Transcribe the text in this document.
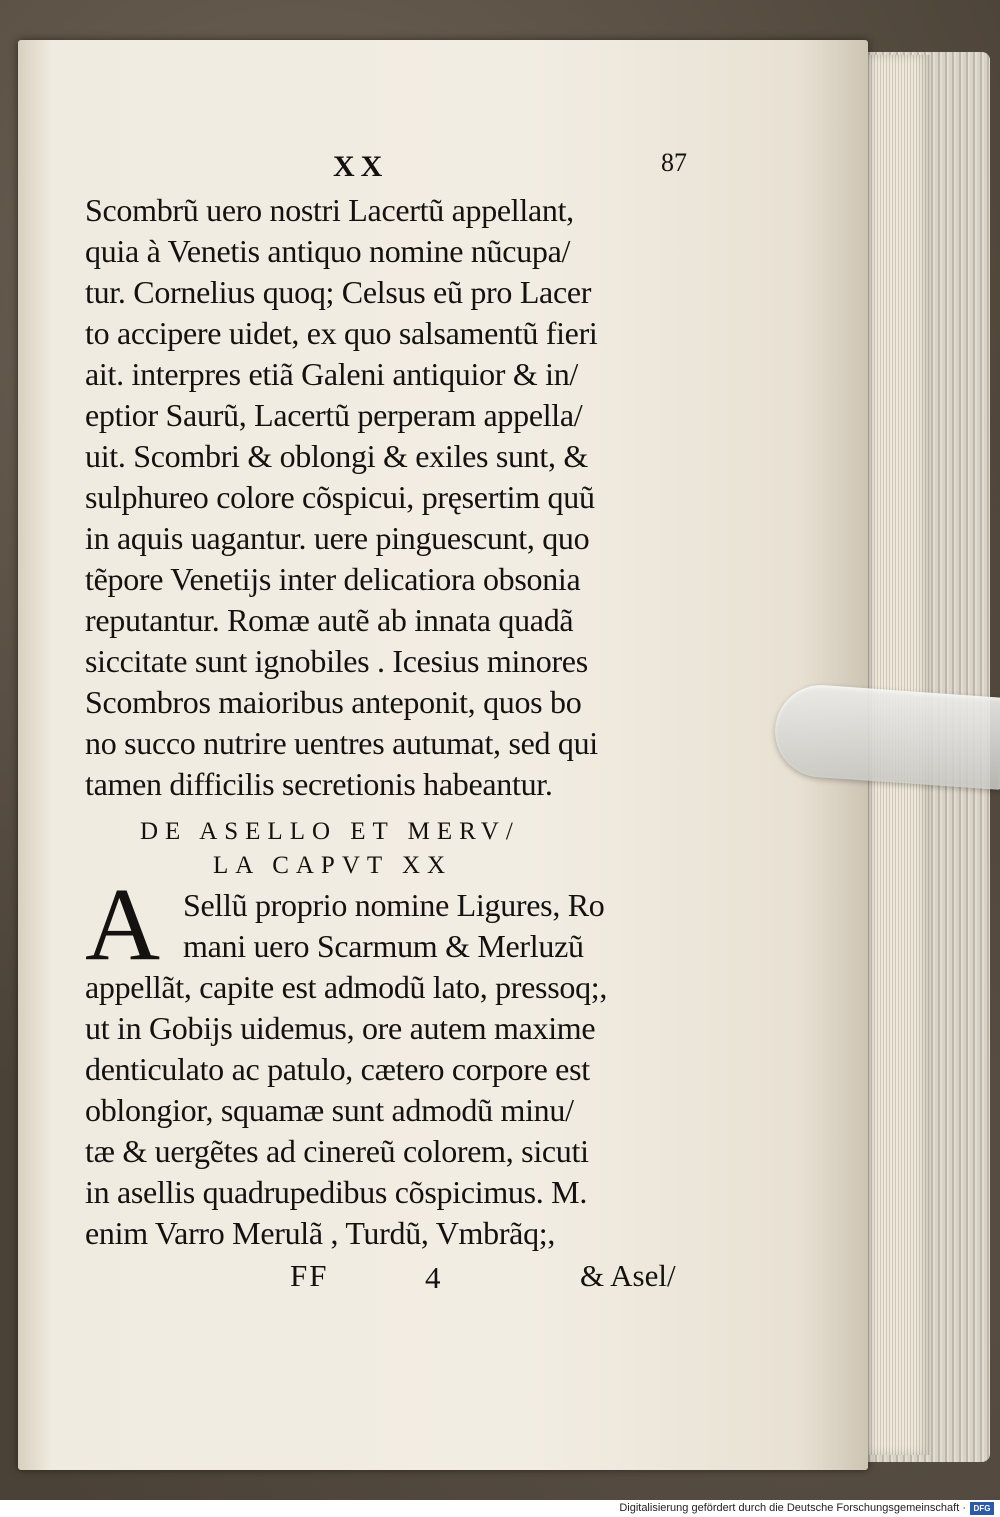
XX	87
Scombrũ uero nostri Lacertũ appellant,
quia à Venetis antiquo nomine nũcupa/
tur. Cornelius quoq; Celsus eũ pro Lacer
to accipere uidet, ex quo salsamentũ fieri
ait. interpres etiã Galeni antiquior & in/
eptior Saurũ, Lacertũ perperam appella/
uit. Scombri & oblongi & exiles sunt, &
sulphureo colore cõspicui, pręsertim quũ
in aquis uagantur. uere pinguescunt, quo
tẽpore Venetijs inter delicatiora obsonia
reputantur. Romæ autẽ ab innata quadã
siccitate sunt ignobiles . Icesius minores
Scombros maioribus anteponit, quos bo
no succo nutrire uentres autumat, sed qui
tamen difficilis secretionis habeantur.
DE ASELLO ET MERV/
LA CAPVT XX
A Sellũ proprio nomine Ligures, Ro
mani uero Scarmum & Merluzũ
appellãt, capite est admodũ lato, pressoq;,
ut in Gobijs uidemus, ore autem maxime
denticulato ac patulo, cætero corpore est
oblongior, squamæ sunt admodũ minu/
tæ & uergẽtes ad cinereũ colorem, sicuti
in asellis quadrupedibus cõspicimus. M.
enim Varro Merulã , Turdũ, Vmbrãq;,
FF	4	& Asel/
Digitalisierung gefördert durch die Deutsche Forschungsgemeinschaft · DFG
